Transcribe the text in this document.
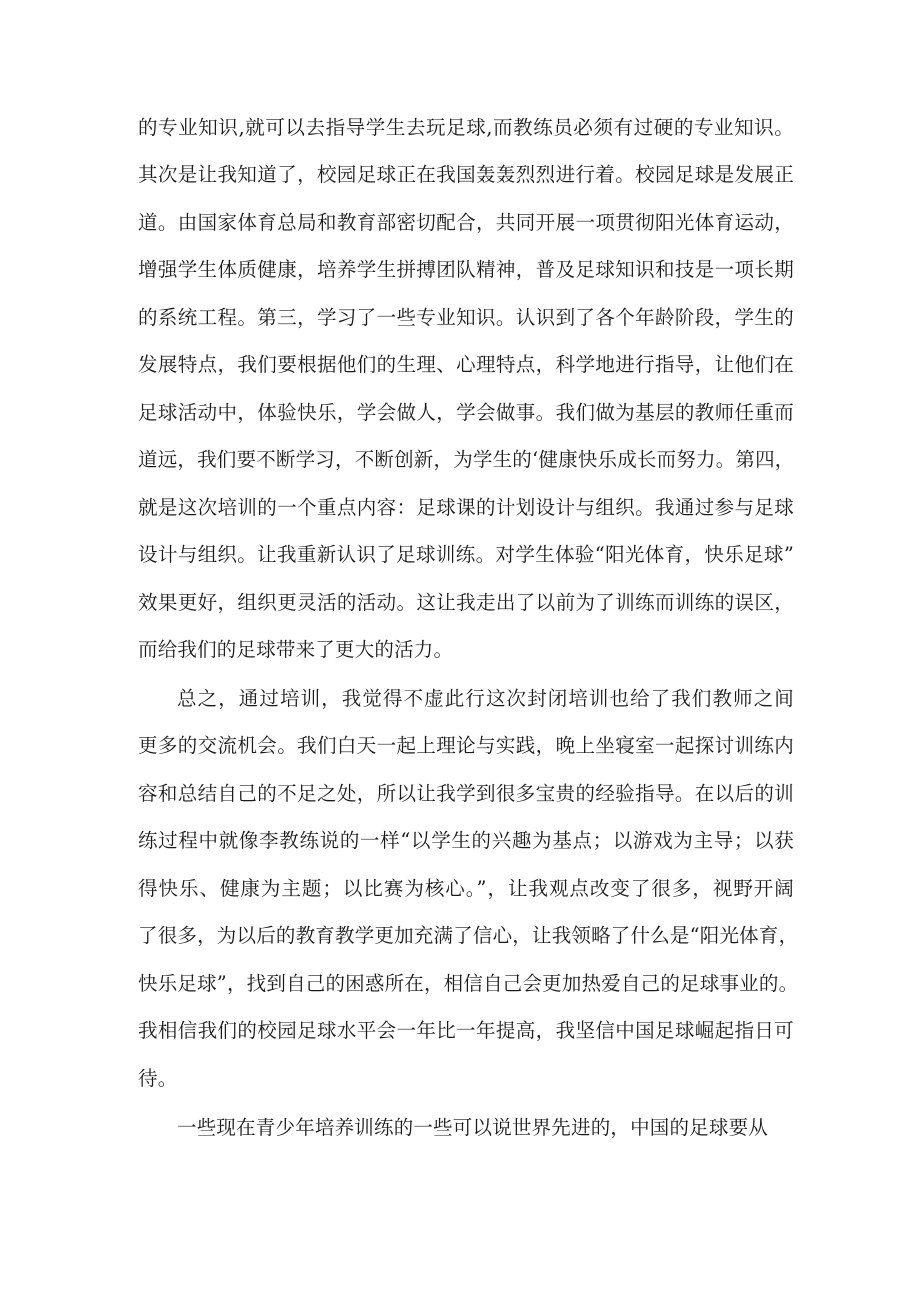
的专业知识,就可以去指导学生去玩足球,而教练员必须有过硬的专业知识。
其次是让我知道了，校园足球正在我国轰轰烈烈进行着。校园足球是发展正
道。由国家体育总局和教育部密切配合，共同开展一项贯彻阳光体育运动，
增强学生体质健康，培养学生拼搏团队精神，普及足球知识和技是一项长期
的系统工程。第三，学习了一些专业知识。认识到了各个年龄阶段，学生的
发展特点，我们要根据他们的生理、心理特点，科学地进行指导，让他们在
足球活动中，体验快乐，学会做人，学会做事。我们做为基层的教师任重而
道远，我们要不断学习，不断创新，为学生的‘健康快乐成长而努力。第四，
就是这次培训的一个重点内容：足球课的计划设计与组织。我通过参与足球
设计与组织。让我重新认识了足球训练。对学生体验“阳光体育，快乐足球”
效果更好，组织更灵活的活动。这让我走出了以前为了训练而训练的误区，
而给我们的足球带来了更大的活力。
总之，通过培训，我觉得不虚此行这次封闭培训也给了我们教师之间
更多的交流机会。我们白天一起上理论与实践，晚上坐寝室一起探讨训练内
容和总结自己的不足之处，所以让我学到很多宝贵的经验指导。在以后的训
练过程中就像李教练说的一样“以学生的兴趣为基点；以游戏为主导；以获
得快乐、健康为主题；以比赛为核心。”，让我观点改变了很多，视野开阔
了很多，为以后的教育教学更加充满了信心，让我领略了什么是“阳光体育，
快乐足球”，找到自己的困惑所在，相信自己会更加热爱自己的足球事业的。
我相信我们的校园足球水平会一年比一年提高，我坚信中国足球崛起指日可
待。
一些现在青少年培养训练的一些可以说世界先进的，中国的足球要从
